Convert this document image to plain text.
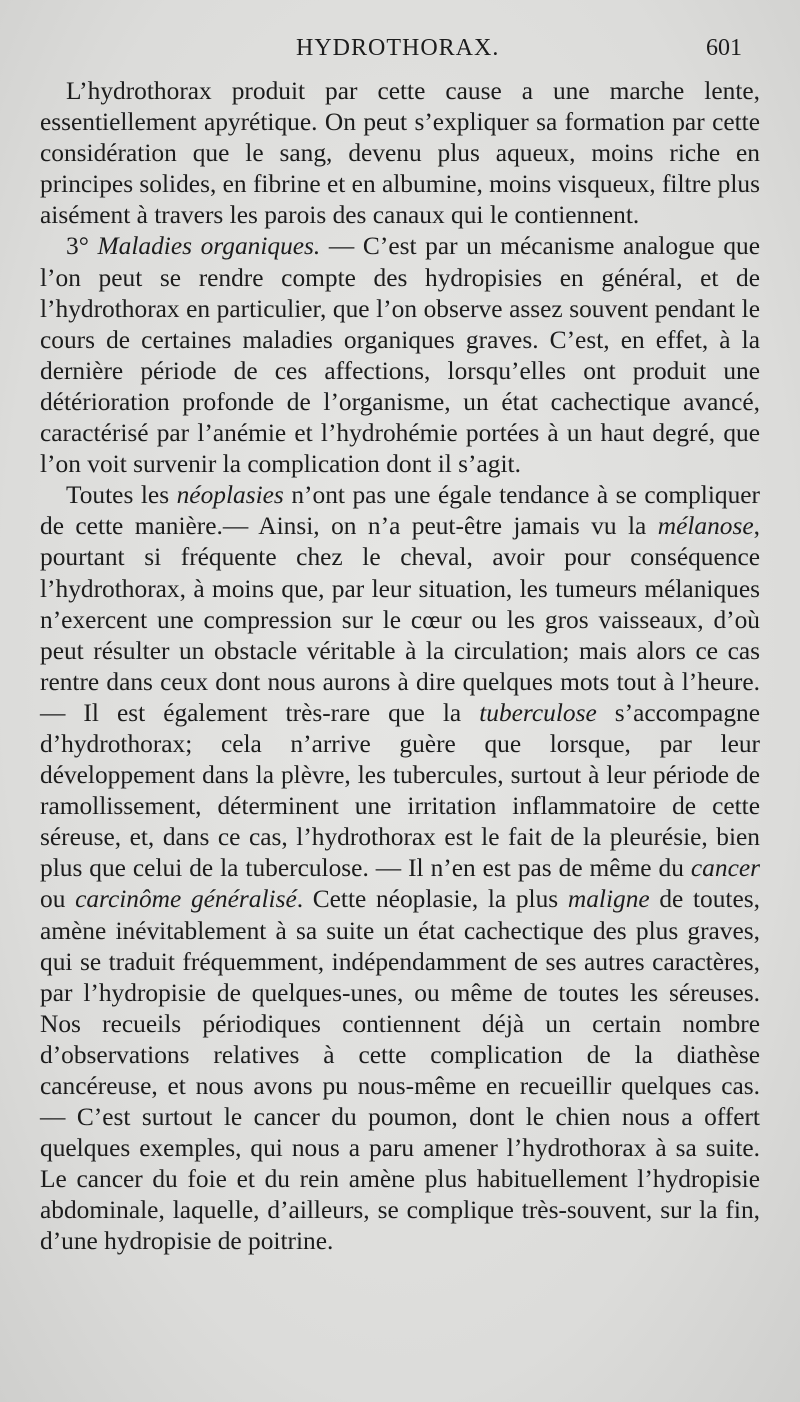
HYDROTHORAX.	601

L’hydrothorax produit par cette cause a une marche lente, essentiellement apyrétique. On peut s’expliquer sa formation par cette considération que le sang, devenu plus aqueux, moins riche en principes solides, en fibrine et en albumine, moins visqueux, filtre plus aisément à travers les parois des canaux qui le contiennent.

3° Maladies organiques. — C’est par un mécanisme analogue que l’on peut se rendre compte des hydropisies en général, et de l’hydrothorax en particulier, que l’on observe assez souvent pendant le cours de certaines maladies organiques graves. C’est, en effet, à la dernière période de ces affections, lorsqu’elles ont produit une détérioration profonde de l’organisme, un état cachectique avancé, caractérisé par l’anémie et l’hydrohémie portées à un haut degré, que l’on voit survenir la complication dont il s’agit.

Toutes les néoplasies n’ont pas une égale tendance à se compliquer de cette manière.— Ainsi, on n’a peut-être jamais vu la mélanose, pourtant si fréquente chez le cheval, avoir pour conséquence l’hydrothorax, à moins que, par leur situation, les tumeurs mélaniques n’exercent une compression sur le cœur ou les gros vaisseaux, d’où peut résulter un obstacle véritable à la circulation; mais alors ce cas rentre dans ceux dont nous aurons à dire quelques mots tout à l’heure. — Il est également très-rare que la tuberculose s’accompagne d’hydrothorax; cela n’arrive guère que lorsque, par leur développement dans la plèvre, les tubercules, surtout à leur période de ramollissement, déterminent une irritation inflammatoire de cette séreuse, et, dans ce cas, l’hydrothorax est le fait de la pleurésie, bien plus que celui de la tuberculose. — Il n’en est pas de même du cancer ou carcinôme généralisé. Cette néoplasie, la plus maligne de toutes, amène inévitablement à sa suite un état cachectique des plus graves, qui se traduit fréquemment, indépendamment de ses autres caractères, par l’hydropisie de quelques-unes, ou même de toutes les séreuses. Nos recueils périodiques contiennent déjà un certain nombre d’observations relatives à cette complication de la diathèse cancéreuse, et nous avons pu nous-même en recueillir quelques cas. — C’est surtout le cancer du poumon, dont le chien nous a offert quelques exemples, qui nous a paru amener l’hydrothorax à sa suite. Le cancer du foie et du rein amène plus habituellement l’hydropisie abdominale, laquelle, d’ailleurs, se complique très-souvent, sur la fin, d’une hydropisie de poitrine.
